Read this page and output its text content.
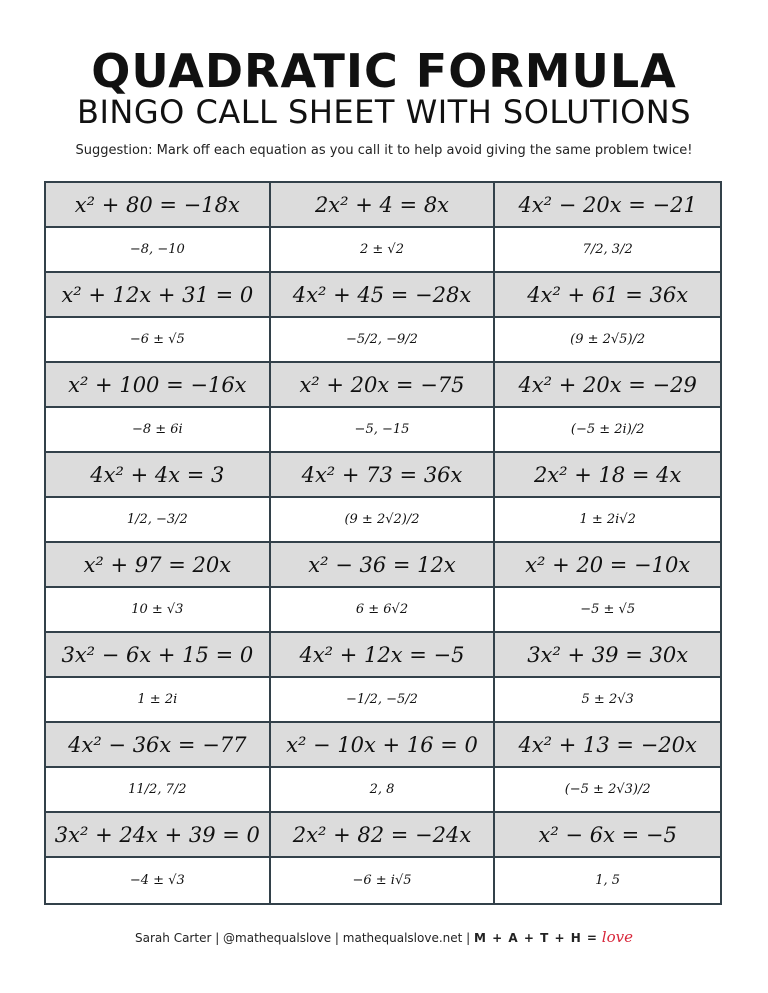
QUADRATIC FORMULA
BINGO CALL SHEET WITH SOLUTIONS
Suggestion: Mark off each equation as you call it to help avoid giving the same problem twice!
x² + 80 = −18x	2x² + 4 = 8x	4x² − 20x = −21
−8, −10	2 ± √2	7/2, 3/2
x² + 12x + 31 = 0	4x² + 45 = −28x	4x² + 61 = 36x
−6 ± √5	−5/2, −9/2	(9 ± 2√5)/2
x² + 100 = −16x	x² + 20x = −75	4x² + 20x = −29
−8 ± 6i	−5, −15	(−5 ± 2i)/2
4x² + 4x = 3	4x² + 73 = 36x	2x² + 18 = 4x
1/2, −3/2	(9 ± 2√2)/2	1 ± 2i√2
x² + 97 = 20x	x² − 36 = 12x	x² + 20 = −10x
10 ± √3	6 ± 6√2	−5 ± √5
3x² − 6x + 15 = 0	4x² + 12x = −5	3x² + 39 = 30x
1 ± 2i	−1/2, −5/2	5 ± 2√3
4x² − 36x = −77	x² − 10x + 16 = 0	4x² + 13 = −20x
11/2, 7/2	2, 8	(−5 ± 2√3)/2
3x² + 24x + 39 = 0	2x² + 82 = −24x	x² − 6x = −5
−4 ± √3	−6 ± i√5	1, 5
Sarah Carter | @mathequalslove | mathequalslove.net | M + A + T + H = love
